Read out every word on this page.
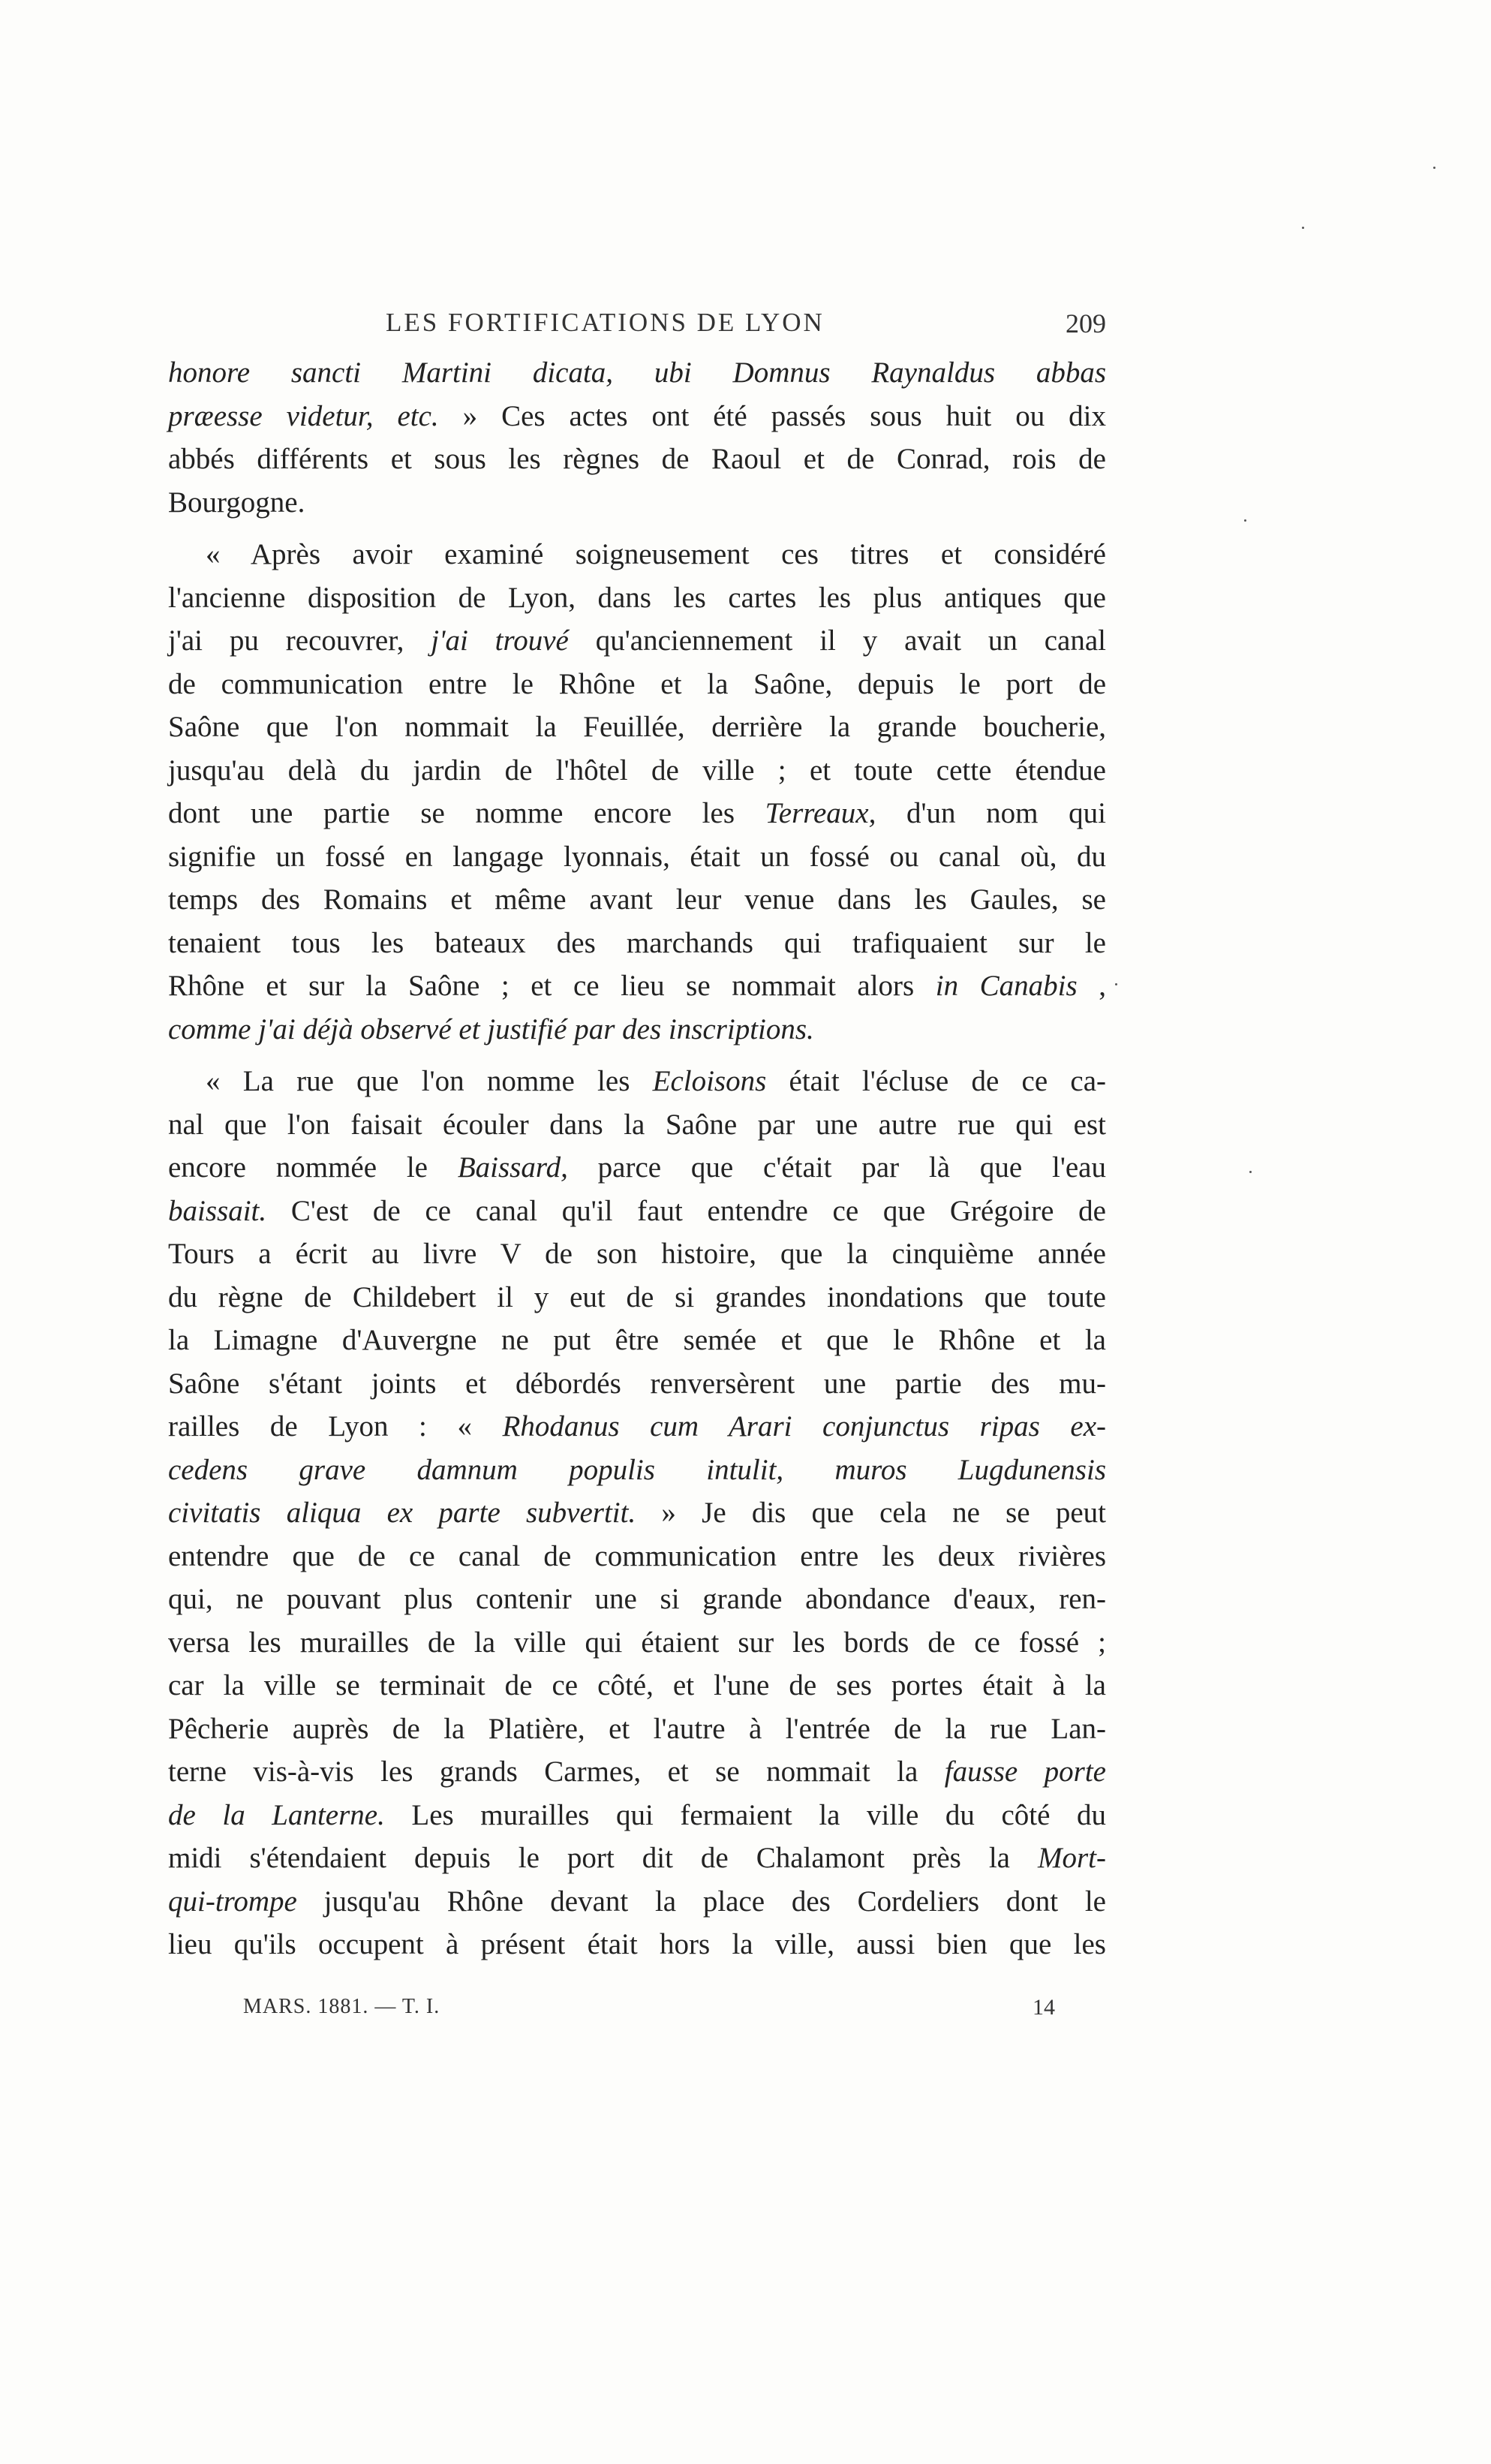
LES FORTIFICATIONS DE LYON	209
honore sancti Martini dicata, ubi Domnus Raynaldus abbas
præesse videtur, etc. » Ces actes ont été passés sous huit ou dix
abbés différents et sous les règnes de Raoul et de Conrad, rois de
Bourgogne.
« Après avoir examiné soigneusement ces titres et considéré
l'ancienne disposition de Lyon, dans les cartes les plus antiques que
j'ai pu recouvrer, j'ai trouvé qu'anciennement il y avait un canal
de communication entre le Rhône et la Saône, depuis le port de
Saône que l'on nommait la Feuillée, derrière la grande boucherie,
jusqu'au delà du jardin de l'hôtel de ville ; et toute cette étendue
dont une partie se nomme encore les Terreaux, d'un nom qui
signifie un fossé en langage lyonnais, était un fossé ou canal où, du
temps des Romains et même avant leur venue dans les Gaules, se
tenaient tous les bateaux des marchands qui trafiquaient sur le
Rhône et sur la Saône ; et ce lieu se nommait alors in Canabis ,
comme j'ai déjà observé et justifié par des inscriptions.
« La rue que l'on nomme les Ecloisons était l'écluse de ce ca-
nal que l'on faisait écouler dans la Saône par une autre rue qui est
encore nommée le Baissard, parce que c'était par là que l'eau
baissait. C'est de ce canal qu'il faut entendre ce que Grégoire de
Tours a écrit au livre V de son histoire, que la cinquième année
du règne de Childebert il y eut de si grandes inondations que toute
la Limagne d'Auvergne ne put être semée et que le Rhône et la
Saône s'étant joints et débordés renversèrent une partie des mu-
railles de Lyon : « Rhodanus cum Arari conjunctus ripas ex-
cedens grave damnum populis intulit, muros Lugdunensis
civitatis aliqua ex parte subvertit. » Je dis que cela ne se peut
entendre que de ce canal de communication entre les deux rivières
qui, ne pouvant plus contenir une si grande abondance d'eaux, ren-
versa les murailles de la ville qui étaient sur les bords de ce fossé ;
car la ville se terminait de ce côté, et l'une de ses portes était à la
Pêcherie auprès de la Platière, et l'autre à l'entrée de la rue Lan-
terne vis-à-vis les grands Carmes, et se nommait la fausse porte
de la Lanterne. Les murailles qui fermaient la ville du côté du
midi s'étendaient depuis le port dit de Chalamont près la Mort-
qui-trompe jusqu'au Rhône devant la place des Cordeliers dont le
lieu qu'ils occupent à présent était hors la ville, aussi bien que les
MARS. 1881. — T. I.	14
